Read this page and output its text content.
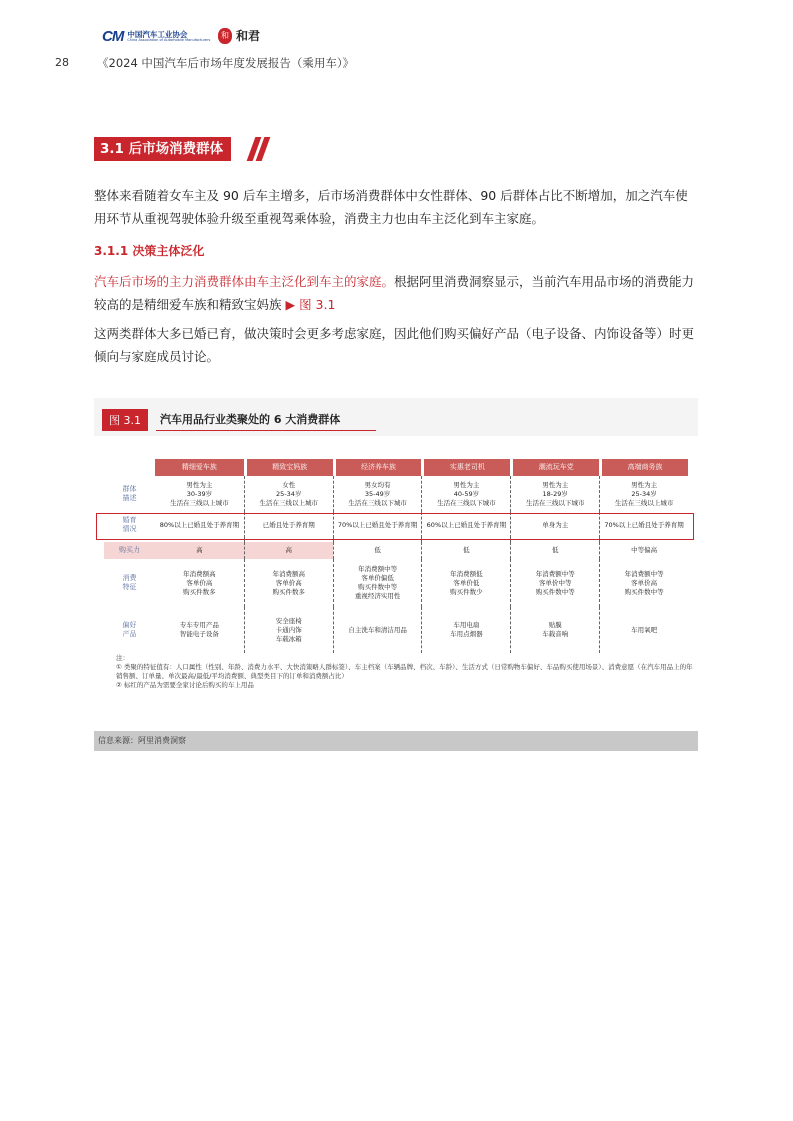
CM 中国汽车工业协会
China Association of Automobile Manufacturers	和 和君
28 《2024 中国汽车后市场年度发展报告（乘用车）》
3.1 后市场消费群体

整体来看随着女车主及 90 后车主增多，后市场消费群体中女性群体、90 后群体占比不断增加，加之汽车使用环节从重视驾驶体验升级至重视驾乘体验，消费主力也由车主泛化到车主家庭。

3.1.1 决策主体泛化

汽车后市场的主力消费群体由车主泛化到车主的家庭。根据阿里消费洞察显示，当前汽车用品市场的消费能力较高的是精细爱车族和精致宝妈族 ▶ 图 3.1

这两类群体大多已婚已育，做决策时会更多考虑家庭，因此他们购买偏好产品（电子设备、内饰设备等）时更倾向与家庭成员讨论。

图 3.1	汽车用品行业类聚处的 6 大消费群体
	精细爱车族	精致宝妈族	经济养车族	实惠老司机	潮流玩车党	高端商务族
群体
描述	男性为主
30-39岁
生活在三线以上城市	女性
25-34岁
生活在三线以上城市	男女均有
35-49岁
生活在三线以下城市	男性为主
40-59岁
生活在三线以下城市	男性为主
18-29岁
生活在三线以下城市	男性为主
25-34岁
生活在三线以上城市
婚育
情况	80%以上已婚且处于养育期	已婚且处于养育期	70%以上已婚且处于养育期	60%以上已婚且处于养育期	单身为主	70%以上已婚且处于养育期

购买力	高	高	低	低	低	中等偏高
消费
特征	年消费额高
客单价高
购买件数多	年消费额高
客单价高
购买件数多	年消费额中等
客单价偏低
购买件数中等
重视经济实用性	年消费额低
客单价低
购买件数少	年消费额中等
客单价中等
购买件数中等	年消费额中等
客单价高
购买件数中等
偏好
产品	专车专用产品
智能电子设备	安全座椅
卡通内饰
车载冰箱	自主洗车和清洁用品	车用电扇
车用点烟器	贴膜
车载音响	车用氧吧
注：
① 类聚的特征值有：人口属性（性别、年龄、消费力水平、大快消策略人群标签）、车主档案（车辆品牌、档次、车龄）、生活方式（日常购物车偏好、车品购买使用场景）、消费意愿（在汽车用品上的年销售额、订单量、单次最高/最低/平均消费额、典型类目下的订单和消费额占比）
② 标红的产品为需要全家讨论后购买的车上用品
信息来源：阿里消费洞察
